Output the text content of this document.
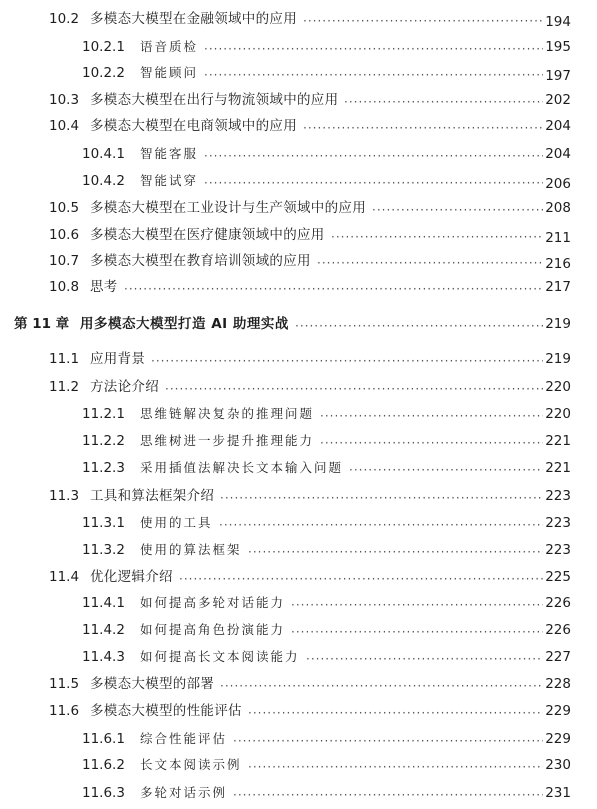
10.2 多模态大模型在金融领域中的应用 ·····	194
10.2.1 语音质检 ·····	195
10.2.2 智能顾问 ·····	197
10.3 多模态大模型在出行与物流领域中的应用 ·····	202
10.4 多模态大模型在电商领域中的应用 ·····	204
10.4.1 智能客服 ·····	204
10.4.2 智能试穿 ·····	206
10.5 多模态大模型在工业设计与生产领域中的应用 ·····	208
10.6 多模态大模型在医疗健康领域中的应用 ·····	211
10.7 多模态大模型在教育培训领域的应用 ·····	216
10.8 思考 ·····	217
第 11 章 用多模态大模型打造 AI 助理实战 ·····	219
11.1 应用背景 ·····	219
11.2 方法论介绍 ·····	220
11.2.1 思维链解决复杂的推理问题 ·····	220
11.2.2 思维树进一步提升推理能力 ·····	221
11.2.3 采用插值法解决长文本输入问题 ·····	221
11.3 工具和算法框架介绍 ·····	223
11.3.1 使用的工具 ·····	223
11.3.2 使用的算法框架 ·····	223
11.4 优化逻辑介绍 ·····	225
11.4.1 如何提高多轮对话能力 ·····	226
11.4.2 如何提高角色扮演能力 ·····	226
11.4.3 如何提高长文本阅读能力 ·····	227
11.5 多模态大模型的部署 ·····	228
11.6 多模态大模型的性能评估 ·····	229
11.6.1 综合性能评估 ·····	229
11.6.2 长文本阅读示例 ·····	230
11.6.3 多轮对话示例 ·····	231
